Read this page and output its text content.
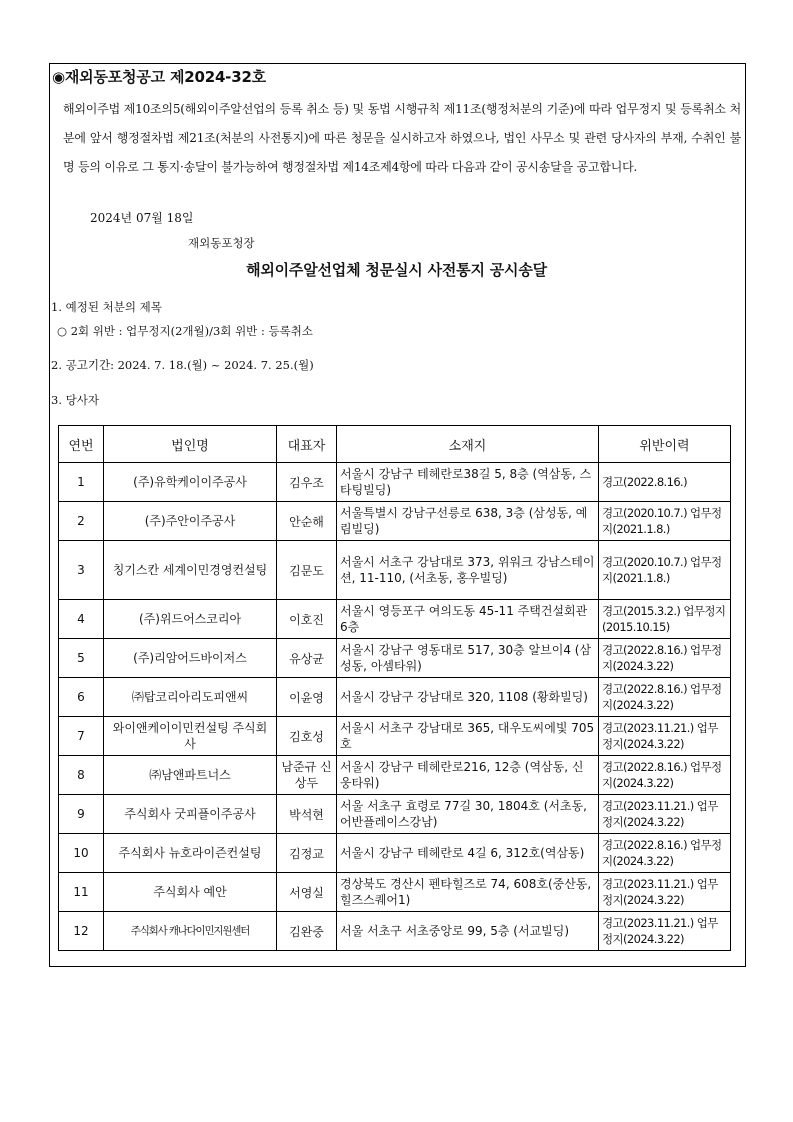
◉재외동포청공고 제2024-32호
해외이주법 제10조의5(해외이주알선업의 등록 취소 등) 및 동법 시행규칙 제11조(행정처분의 기준)에 따라 업무정지 및 등록취소 처분에 앞서 행정절차법 제21조(처분의 사전통지)에 따른 청문을 실시하고자 하였으나, 법인 사무소 및 관련 당사자의 부재, 수취인 불명 등의 이유로 그 통지·송달이 불가능하여 행정절차법 제14조제4항에 따라 다음과 같이 공시송달을 공고합니다.
2024년 07월 18일
재외동포청장
해외이주알선업체 청문실시 사전통지 공시송달
1. 예정된 처분의 제목
○ 2회 위반 : 업무정지(2개월)/3회 위반 : 등록취소
2. 공고기간: 2024. 7. 18.(월) ~ 2024. 7. 25.(월)
3. 당사자
연번	법인명	대표자	소재지	위반이력
1	(주)유학케이이주공사	김우조	서울시 강남구 테헤란로38길 5, 8층 (역삼동, 스타팅빌딩)	경고(2022.8.16.)
2	(주)주안이주공사	안순해	서울특별시 강남구선릉로 638, 3층 (삼성동, 예림빌딩)	경고(2020.10.7.) 업무정지(2021.1.8.)
3	칭기스칸 세계이민경영컨설팅	김문도	서울시 서초구 강남대로 373, 위워크 강남스테이션, 11-110, (서초동, 홍우빌딩)	경고(2020.10.7.) 업무정지(2021.1.8.)
4	(주)위드어스코리아	이호진	서울시 영등포구 여의도동 45-11 주택건설회관 6층	경고(2015.3.2.) 업무정지(2015.10.15)
5	(주)리암어드바이저스	유상균	서울시 강남구 영동대로 517, 30층 알브이4 (삼성동, 아셈타워)	경고(2022.8.16.) 업무정지(2024.3.22)
6	㈜탑코리아리도피앤씨	이윤영	서울시 강남구 강남대로 320, 1108 (황화빌딩)	경고(2022.8.16.) 업무정지(2024.3.22)
7	와이앤케이이민컨설팅 주식회사	김호성	서울시 서초구 강남대로 365, 대우도씨에빛 705호	경고(2023.11.21.) 업무정지(2024.3.22)
8	㈜남앤파트너스	남준규 신상두	서울시 강남구 테헤란로216, 12층 (역삼동, 신웅타워)	경고(2022.8.16.) 업무정지(2024.3.22)
9	주식회사 굿피플이주공사	박석현	서울 서초구 효령로 77길 30, 1804호 (서초동, 어반플레이스강남)	경고(2023.11.21.) 업무정지(2024.3.22)
10	주식회사 뉴호라이즌컨설팅	김정교	서울시 강남구 테헤란로 4길 6, 312호(역삼동)	경고(2022.8.16.) 업무정지(2024.3.22)
11	주식회사 예안	서영실	경상북도 경산시 펜타힐즈로 74, 608호(중산동, 힐즈스퀘어1)	경고(2023.11.21.) 업무정지(2024.3.22)
12	주식회사 캐나다이민지원센터	김완중	서울 서초구 서초중앙로 99, 5층 (서교빌딩)	경고(2023.11.21.) 업무정지(2024.3.22)
